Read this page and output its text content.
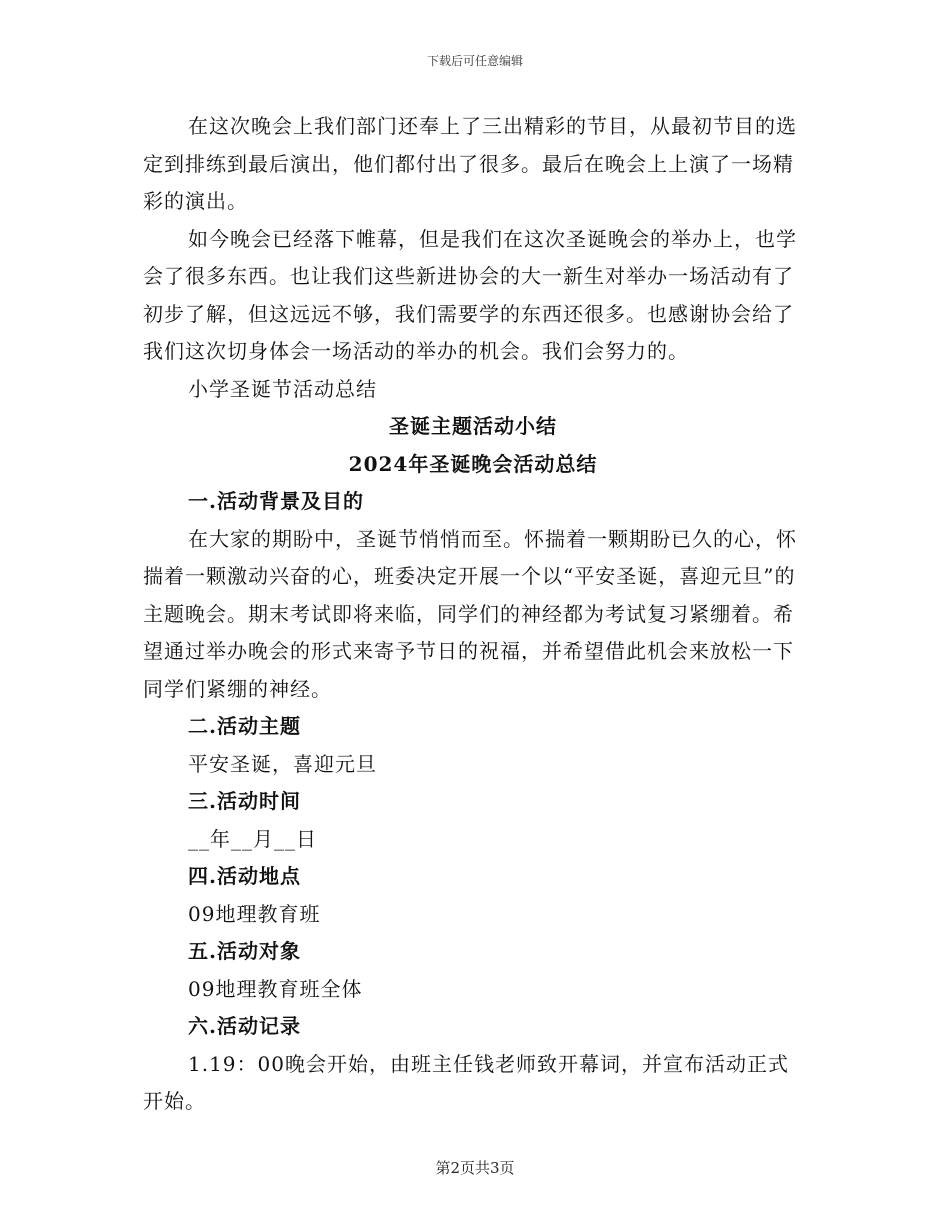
下载后可任意编辑

在这次晚会上我们部门还奉上了三出精彩的节目，从最初节目的选定到排练到最后演出，他们都付出了很多。最后在晚会上上演了一场精彩的演出。

如今晚会已经落下帷幕，但是我们在这次圣诞晚会的举办上，也学会了很多东西。也让我们这些新进协会的大一新生对举办一场活动有了初步了解，但这远远不够，我们需要学的东西还很多。也感谢协会给了我们这次切身体会一场活动的举办的机会。我们会努力的。

小学圣诞节活动总结

圣诞主题活动小结

2024年圣诞晚会活动总结

一.活动背景及目的

在大家的期盼中，圣诞节悄悄而至。怀揣着一颗期盼已久的心，怀揣着一颗激动兴奋的心，班委决定开展一个以“平安圣诞，喜迎元旦”的主题晚会。期末考试即将来临，同学们的神经都为考试复习紧绷着。希望通过举办晚会的形式来寄予节日的祝福，并希望借此机会来放松一下同学们紧绷的神经。

二.活动主题

平安圣诞，喜迎元旦

三.活动时间

__年__月__日

四.活动地点

09地理教育班

五.活动对象

09地理教育班全体

六.活动记录

1.19：00晚会开始，由班主任钱老师致开幕词，并宣布活动正式开始。

第2页共3页
